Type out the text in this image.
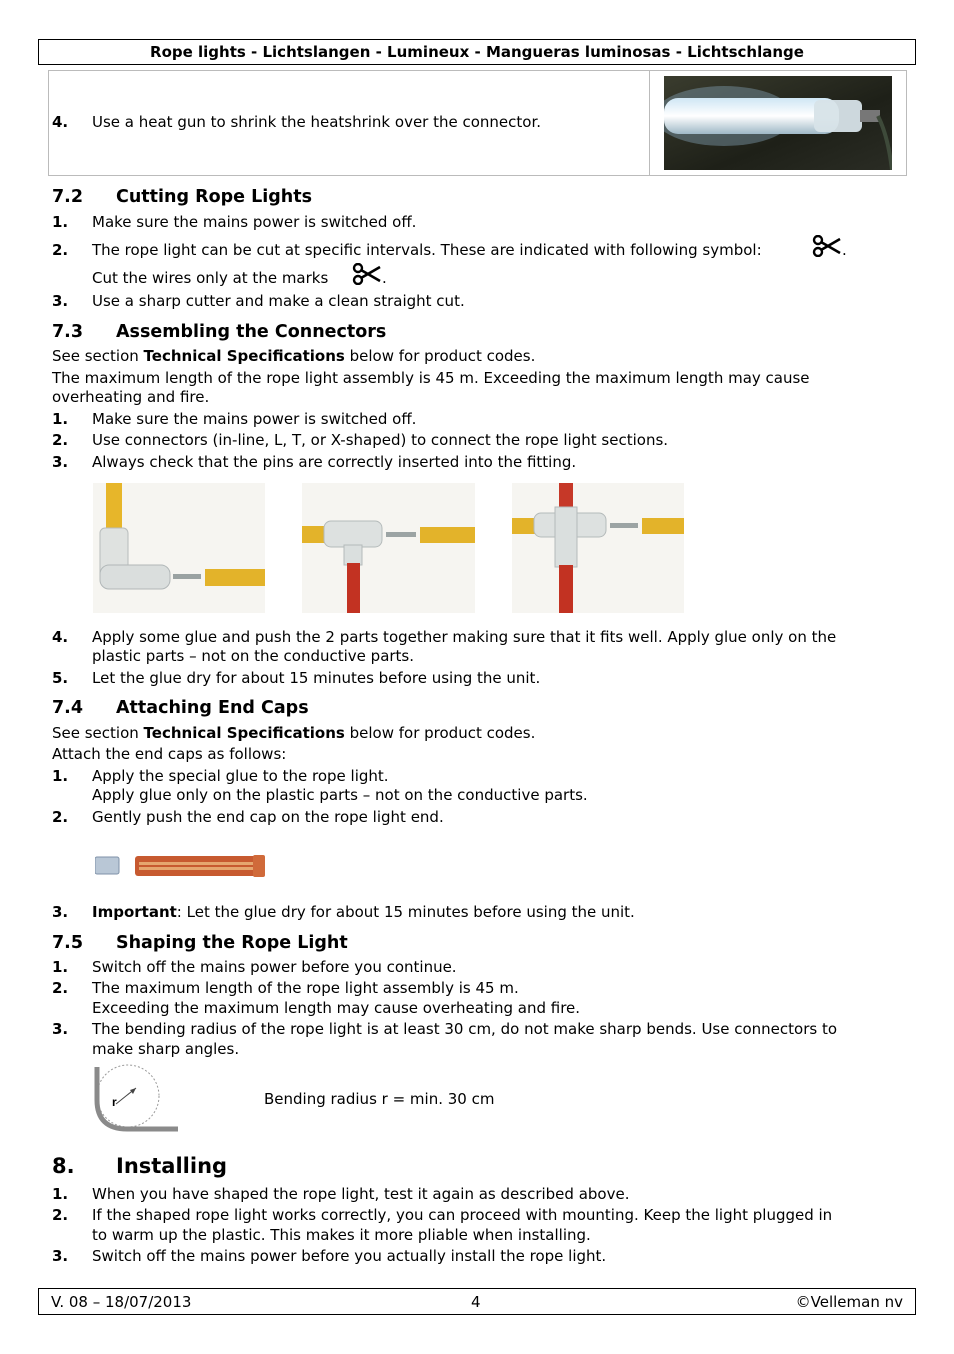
Rope lights - Lichtslangen - Lumineux - Mangueras luminosas - Lichtschlange
4. Use a heat gun to shrink the heatshrink over the connector.
7.2 Cutting Rope Lights
1. Make sure the mains power is switched off.
2. The rope light can be cut at specific intervals. These are indicated with following symbol:	.
Cut the wires only at the marks	.
3. Use a sharp cutter and make a clean straight cut.
7.3 Assembling the Connectors
See section Technical Specifications below for product codes.
The maximum length of the rope light assembly is 45 m. Exceeding the maximum length may cause
overheating and fire.
1. Make sure the mains power is switched off.
2. Use connectors (in-line, L, T, or X-shaped) to connect the rope light sections.
3. Always check that the pins are correctly inserted into the fitting.
4. Apply some glue and push the 2 parts together making sure that it fits well. Apply glue only on the
plastic parts – not on the conductive parts.
5. Let the glue dry for about 15 minutes before using the unit.
7.4 Attaching End Caps
See section Technical Specifications below for product codes.
Attach the end caps as follows:
1. Apply the special glue to the rope light.
Apply glue only on the plastic parts – not on the conductive parts.
2. Gently push the end cap on the rope light end.
3. Important: Let the glue dry for about 15 minutes before using the unit.
7.5 Shaping the Rope Light
1. Switch off the mains power before you continue.
2. The maximum length of the rope light assembly is 45 m.
Exceeding the maximum length may cause overheating and fire.
3. The bending radius of the rope light is at least 30 cm, do not make sharp bends. Use connectors to
make sharp angles.
r	Bending radius r = min. 30 cm
8. Installing
1. When you have shaped the rope light, test it again as described above.
2. If the shaped rope light works correctly, you can proceed with mounting. Keep the light plugged in
to warm up the plastic. This makes it more pliable when installing.
3. Switch off the mains power before you actually install the rope light.
V. 08 – 18/07/2013	4	©Velleman nv
